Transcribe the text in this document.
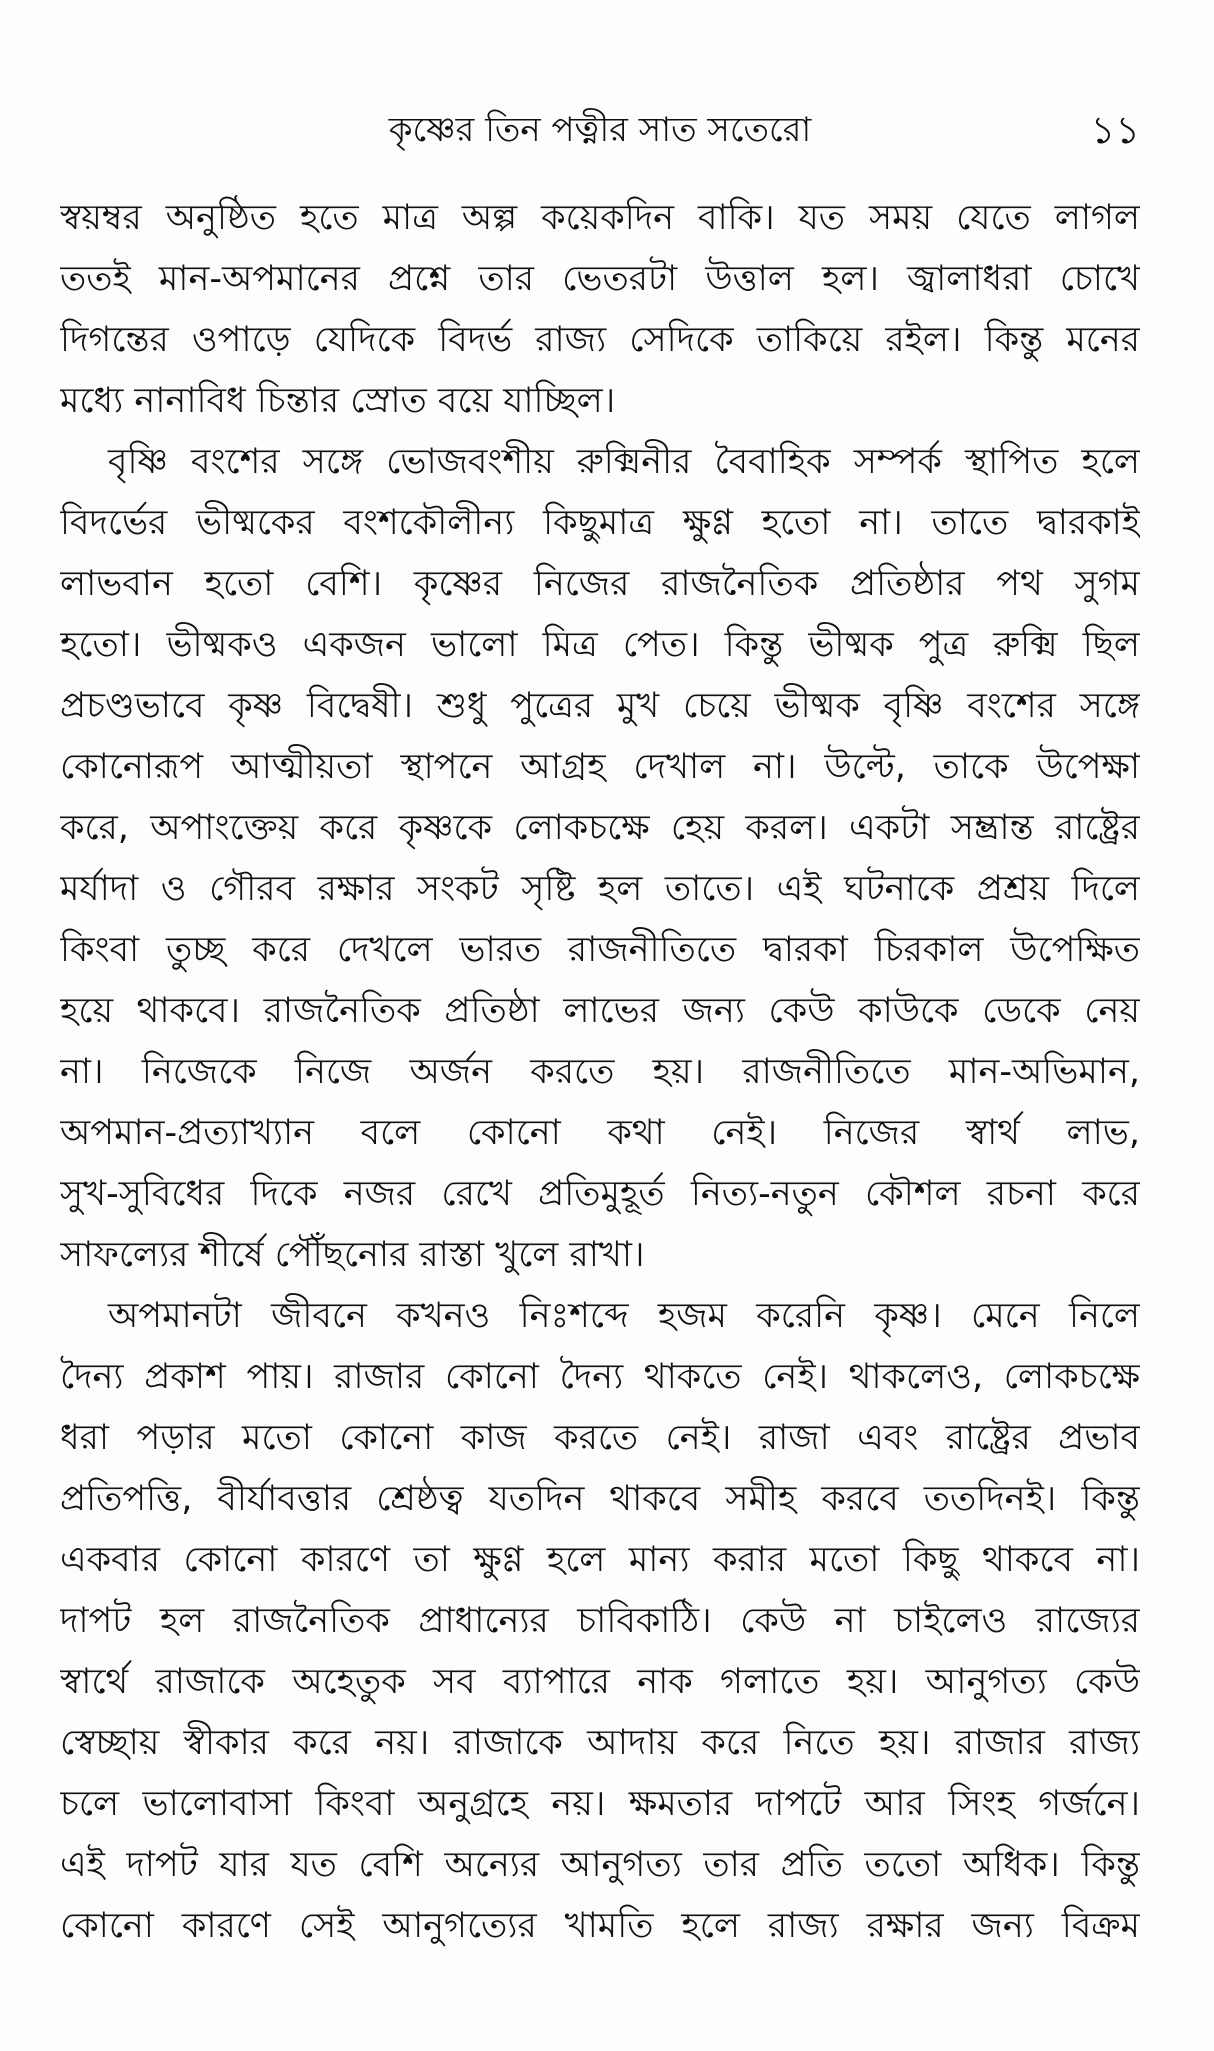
কৃষ্ণের তিন পত্নীর সাত সতেরো	১১
স্বয়ম্বর অনুষ্ঠিত হতে মাত্র অল্প কয়েকদিন বাকি। যত সময় যেতে লাগল
ততই মান-অপমানের প্রশ্নে তার ভেতরটা উত্তাল হল। জ্বালাধরা চোখে
দিগন্তের ওপাড়ে যেদিকে বিদর্ভ রাজ্য সেদিকে তাকিয়ে রইল। কিন্তু মনের
মধ্যে নানাবিধ চিন্তার স্রোত বয়ে যাচ্ছিল।
বৃষ্ণি বংশের সঙ্গে ভোজবংশীয় রুক্মিনীর বৈবাহিক সম্পর্ক স্থাপিত হলে
বিদর্ভের ভীষ্মকের বংশকৌলীন্য কিছুমাত্র ক্ষুণ্ণ হতো না। তাতে দ্বারকাই
লাভবান হতো বেশি। কৃষ্ণের নিজের রাজনৈতিক প্রতিষ্ঠার পথ সুগম
হতো। ভীষ্মকও একজন ভালো মিত্র পেত। কিন্তু ভীষ্মক পুত্র রুক্মি ছিল
প্রচণ্ডভাবে কৃষ্ণ বিদ্বেষী। শুধু পুত্রের মুখ চেয়ে ভীষ্মক বৃষ্ণি বংশের সঙ্গে
কোনোরূপ আত্মীয়তা স্থাপনে আগ্রহ দেখাল না। উল্টে, তাকে উপেক্ষা
করে, অপাংক্তেয় করে কৃষ্ণকে লোকচক্ষে হেয় করল। একটা সম্ভ্রান্ত রাষ্ট্রের
মর্যাদা ও গৌরব রক্ষার সংকট সৃষ্টি হল তাতে। এই ঘটনাকে প্রশ্রয় দিলে
কিংবা তুচ্ছ করে দেখলে ভারত রাজনীতিতে দ্বারকা চিরকাল উপেক্ষিত
হয়ে থাকবে। রাজনৈতিক প্রতিষ্ঠা লাভের জন্য কেউ কাউকে ডেকে নেয়
না। নিজেকে নিজে অর্জন করতে হয়। রাজনীতিতে মান-অভিমান,
অপমান-প্রত্যাখ্যান বলে কোনো কথা নেই। নিজের স্বার্থ লাভ,
সুখ-সুবিধের দিকে নজর রেখে প্রতিমুহূর্ত নিত্য-নতুন কৌশল রচনা করে
সাফল্যের শীর্ষে পৌঁছনোর রাস্তা খুলে রাখা।
অপমানটা জীবনে কখনও নিঃশব্দে হজম করেনি কৃষ্ণ। মেনে নিলে
দৈন্য প্রকাশ পায়। রাজার কোনো দৈন্য থাকতে নেই। থাকলেও, লোকচক্ষে
ধরা পড়ার মতো কোনো কাজ করতে নেই। রাজা এবং রাষ্ট্রের প্রভাব
প্রতিপত্তি, বীর্যাবত্তার শ্রেষ্ঠত্ব যতদিন থাকবে সমীহ করবে ততদিনই। কিন্তু
একবার কোনো কারণে তা ক্ষুণ্ণ হলে মান্য করার মতো কিছু থাকবে না।
দাপট হল রাজনৈতিক প্রাধান্যের চাবিকাঠি। কেউ না চাইলেও রাজ্যের
স্বার্থে রাজাকে অহেতুক সব ব্যাপারে নাক গলাতে হয়। আনুগত্য কেউ
স্বেচ্ছায় স্বীকার করে নয়। রাজাকে আদায় করে নিতে হয়। রাজার রাজ্য
চলে ভালোবাসা কিংবা অনুগ্রহে নয়। ক্ষমতার দাপটে আর সিংহ গর্জনে।
এই দাপট যার যত বেশি অন্যের আনুগত্য তার প্রতি ততো অধিক। কিন্তু
কোনো কারণে সেই আনুগত্যের খামতি হলে রাজ্য রক্ষার জন্য বিক্রম
